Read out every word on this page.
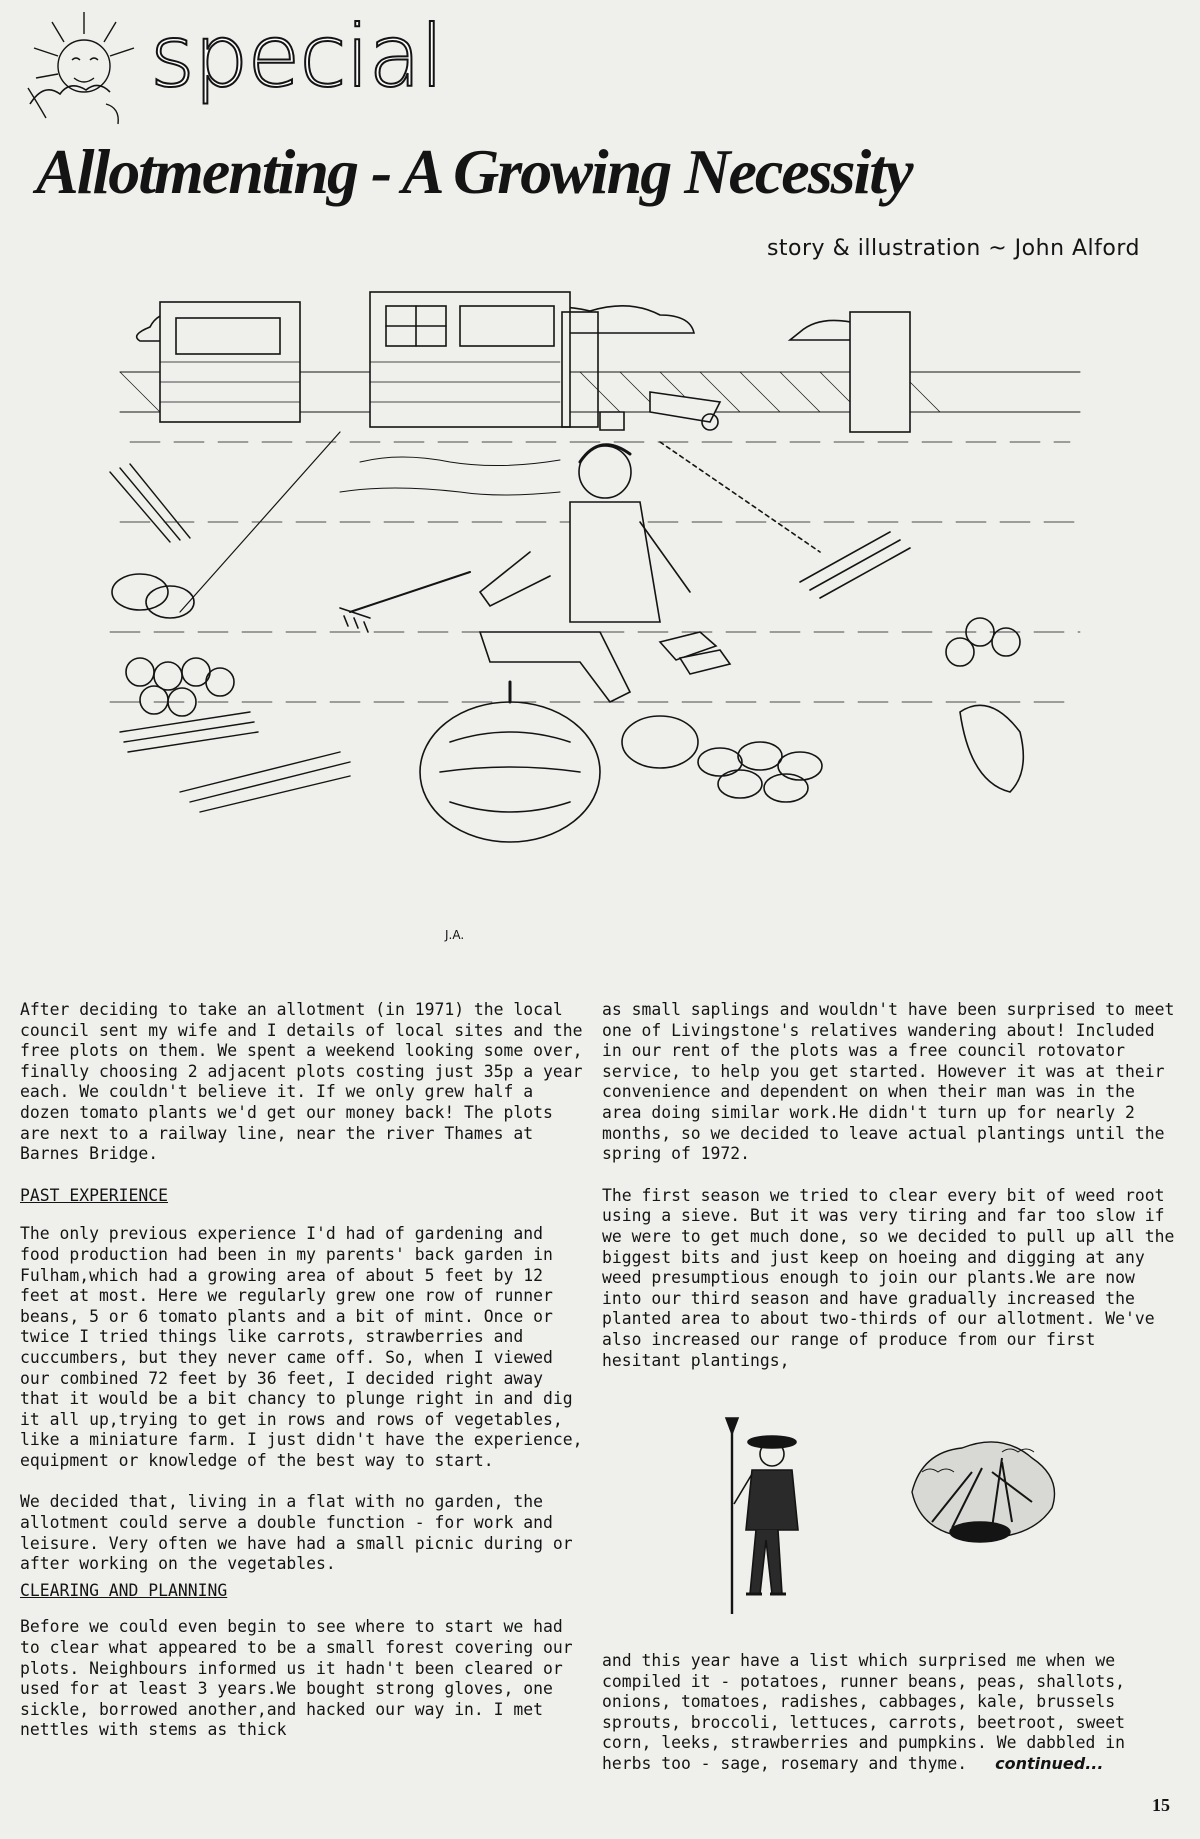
special
Allotmenting - A Growing Necessity
story & illustration ~ John Alford
J.A.

After deciding to take an allotment (in 1971) the local council sent my wife and I details of local sites and the free plots on them. We spent a weekend looking some over, finally choosing 2 adjacent plots costing just 35p a year each. We couldn't believe it. If we only grew half a dozen tomato plants we'd get our money back! The plots are next to a railway line, near the river Thames at Barnes Bridge.

PAST EXPERIENCE

The only previous experience I'd had of gardening and food production had been in my parents' back garden in Fulham,which had a growing area of about 5 feet by 12 feet at most. Here we regularly grew one row of runner beans, 5 or 6 tomato plants and a bit of mint. Once or twice I tried things like carrots, strawberries and cuccumbers, but they never came off. So, when I viewed our combined 72 feet by 36 feet, I decided right away that it would be a bit chancy to plunge right in and dig it all up,trying to get in rows and rows of vegetables, like a miniature farm. I just didn't have the experience, equipment or knowledge of the best way to start.

We decided that, living in a flat with no garden, the allotment could serve a double function - for work and leisure. Very often we have had a small picnic during or after working on the vegetables.

CLEARING AND PLANNING

Before we could even begin to see where to start we had to clear what appeared to be a small forest covering our plots. Neighbours informed us it hadn't been cleared or used for at least 3 years.We bought strong gloves, one sickle, borrowed another,and hacked our way in. I met nettles with stems as thick

as small saplings and wouldn't have been surprised to meet one of Livingstone's relatives wandering about! Included in our rent of the plots was a free council rotovator service, to help you get started. However it was at their convenience and dependent on when their man was in the area doing similar work.He didn't turn up for nearly 2 months, so we decided to leave actual plantings until the spring of 1972.

The first season we tried to clear every bit of weed root using a sieve. But it was very tiring and far too slow if we were to get much done, so we decided to pull up all the biggest bits and just keep on hoeing and digging at any weed presumptious enough to join our plants.We are now into our third season and have gradually increased the planted area to about two-thirds of our allotment. We've also increased our range of produce from our first hesitant plantings,

and this year have a list which surprised me when we compiled it - potatoes, runner beans, peas, shallots, onions, tomatoes, radishes, cabbages, kale, brussels sprouts, broccoli, lettuces, carrots, beetroot, sweet corn, leeks, strawberries and pumpkins. We dabbled in herbs too - sage, rosemary and thyme. continued...

15
